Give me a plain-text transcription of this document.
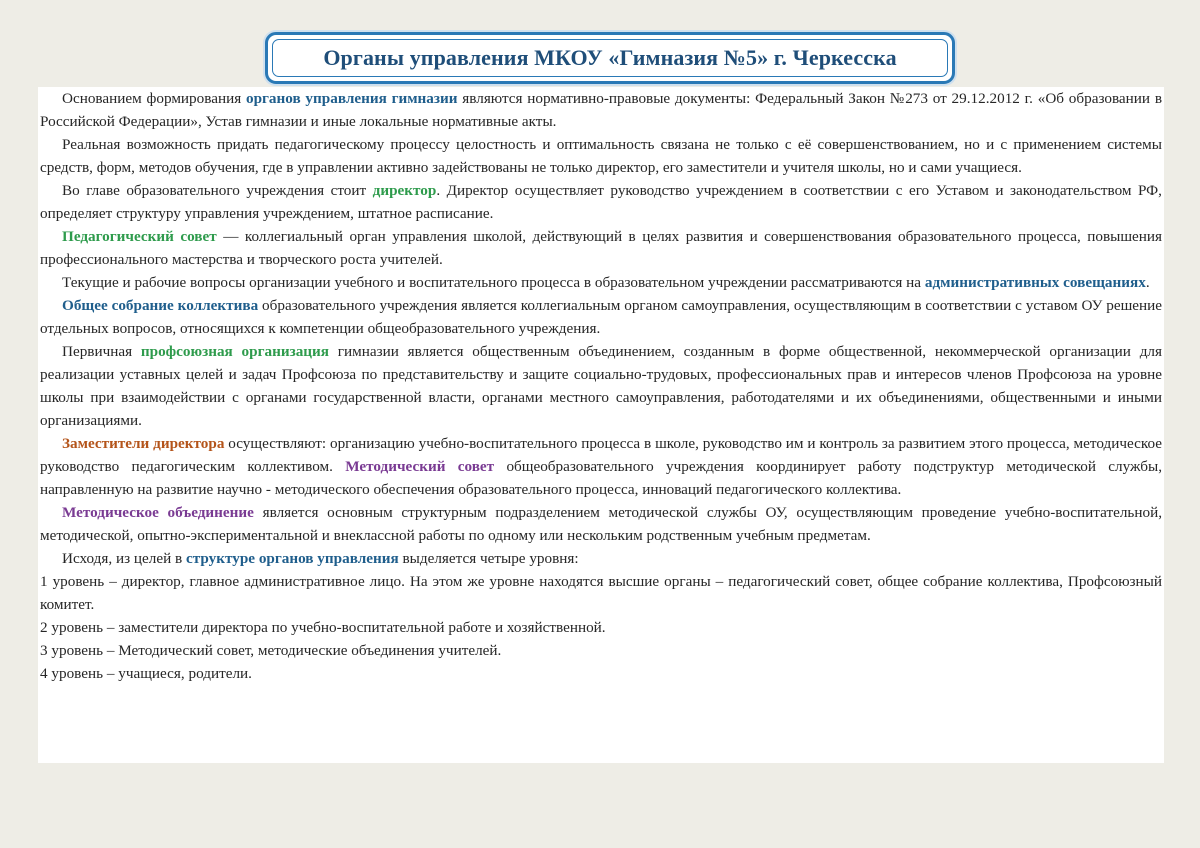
Органы управления МКОУ «Гимназия №5» г. Черкесска

Основанием формирования органов управления гимназии являются нормативно-правовые документы: Федеральный Закон №273 от 29.12.2012 г. «Об образовании в Российской Федерации», Устав гимназии и иные локальные нормативные акты.

Реальная возможность придать педагогическому процессу целостность и оптимальность связана не только с её совершенствованием, но и с применением системы средств, форм, методов обучения, где в управлении активно задействованы не только директор, его заместители и учителя школы, но и сами учащиеся.

Во главе образовательного учреждения стоит директор. Директор осуществляет руководство учреждением в соответствии с его Уставом и законодательством РФ, определяет структуру управления учреждением, штатное расписание.

Педагогический совет — коллегиальный орган управления школой, действующий в целях развития и совершенствования образовательного процесса, повышения профессионального мастерства и творческого роста учителей.

Текущие и рабочие вопросы организации учебного и воспитательного процесса в образовательном учреждении рассматриваются на административных совещаниях.

Общее собрание коллектива образовательного учреждения является коллегиальным органом самоуправления, осуществляющим в соответствии с уставом ОУ решение отдельных вопросов, относящихся к компетенции общеобразовательного учреждения.

Первичная профсоюзная организация гимназии является общественным объединением, созданным в форме общественной, некоммерческой организации для реализации уставных целей и задач Профсоюза по представительству и защите социально-трудовых, профессиональных прав и интересов членов Профсоюза на уровне школы при взаимодействии с органами государственной власти, органами местного самоуправления, работодателями и их объединениями, общественными и иными организациями.

Заместители директора осуществляют: организацию учебно-воспитательного процесса в школе, руководство им и контроль за развитием этого процесса, методическое руководство педагогическим коллективом. Методический совет общеобразовательного учреждения координирует работу подструктур методической службы, направленную на развитие научно - методического обеспечения образовательного процесса, инноваций педагогического коллектива.

Методическое объединение является основным структурным подразделением методической службы ОУ, осуществляющим проведение учебно-воспитательной, методической, опытно-экспериментальной и внеклассной работы по одному или нескольким родственным учебным предметам.

Исходя, из целей в структуре органов управления выделяется четыре уровня:

1 уровень – директор, главное административное лицо. На этом же уровне находятся высшие органы – педагогический совет, общее собрание коллектива, Профсоюзный комитет.

2 уровень – заместители директора по учебно-воспитательной работе и хозяйственной.

3 уровень – Методический совет, методические объединения учителей.

4 уровень – учащиеся, родители.
